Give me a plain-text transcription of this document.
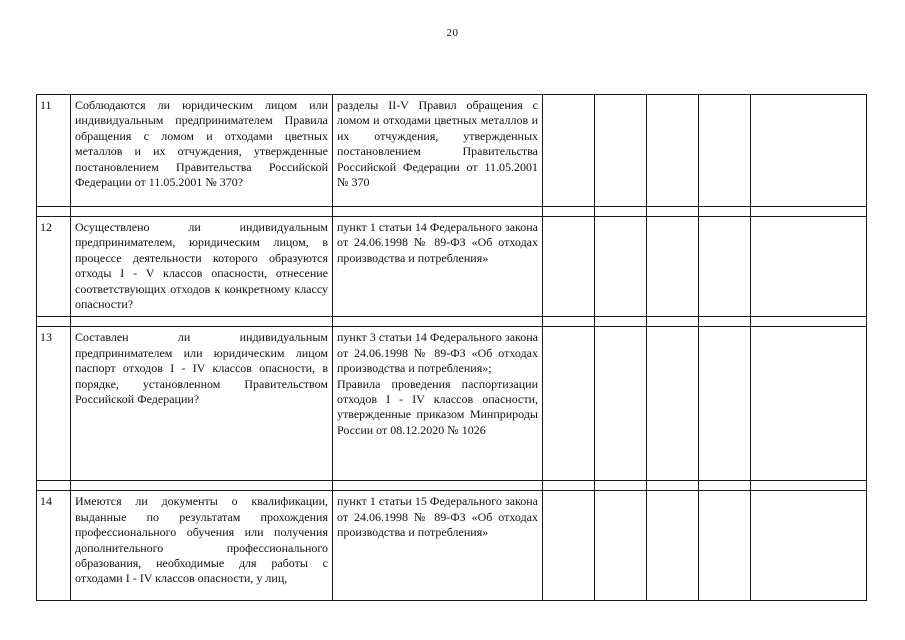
20
11	Соблюдаются ли юридическим лицом или индивидуальным предпринимателем Правила обращения с ломом и отходами цветных металлов и их отчуждения, утвержденные постановлением Правительства Российской Федерации от 11.05.2001 № 370?	разделы II-V Правил обращения с ломом и отходами цветных металлов и их отчуждения, утвержденных постановлением Правительства Российской Федерации от 11.05.2001 № 370					

12	Осуществлено ли индивидуальным предпринимателем, юридическим лицом, в процессе деятельности которого образуются отходы I - V классов опасности, отнесение соответствующих отходов к конкретному классу опасности?	пункт 1 статьи 14 Федерального закона от 24.06.1998 № 89-ФЗ «Об отходах производства и потребления»					

13	Составлен ли индивидуальным предпринимателем или юридическим лицом паспорт отходов I - IV классов опасности, в порядке, установленном Правительством Российской Федерации?	пункт 3 статьи 14 Федерального закона от 24.06.1998 № 89-ФЗ «Об отходах производства и потребления»;
Правила проведения паспортизации отходов I - IV классов опасности, утвержденные приказом Минприроды России от 08.12.2020 № 1026					

14	Имеются ли документы о квалификации, выданные по результатам прохождения профессионального обучения или получения дополнительного профессионального образования, необходимые для работы с отходами I - IV классов опасности, у лиц,	пункт 1 статьи 15 Федерального закона от 24.06.1998 № 89-ФЗ «Об отходах производства и потребления»					
